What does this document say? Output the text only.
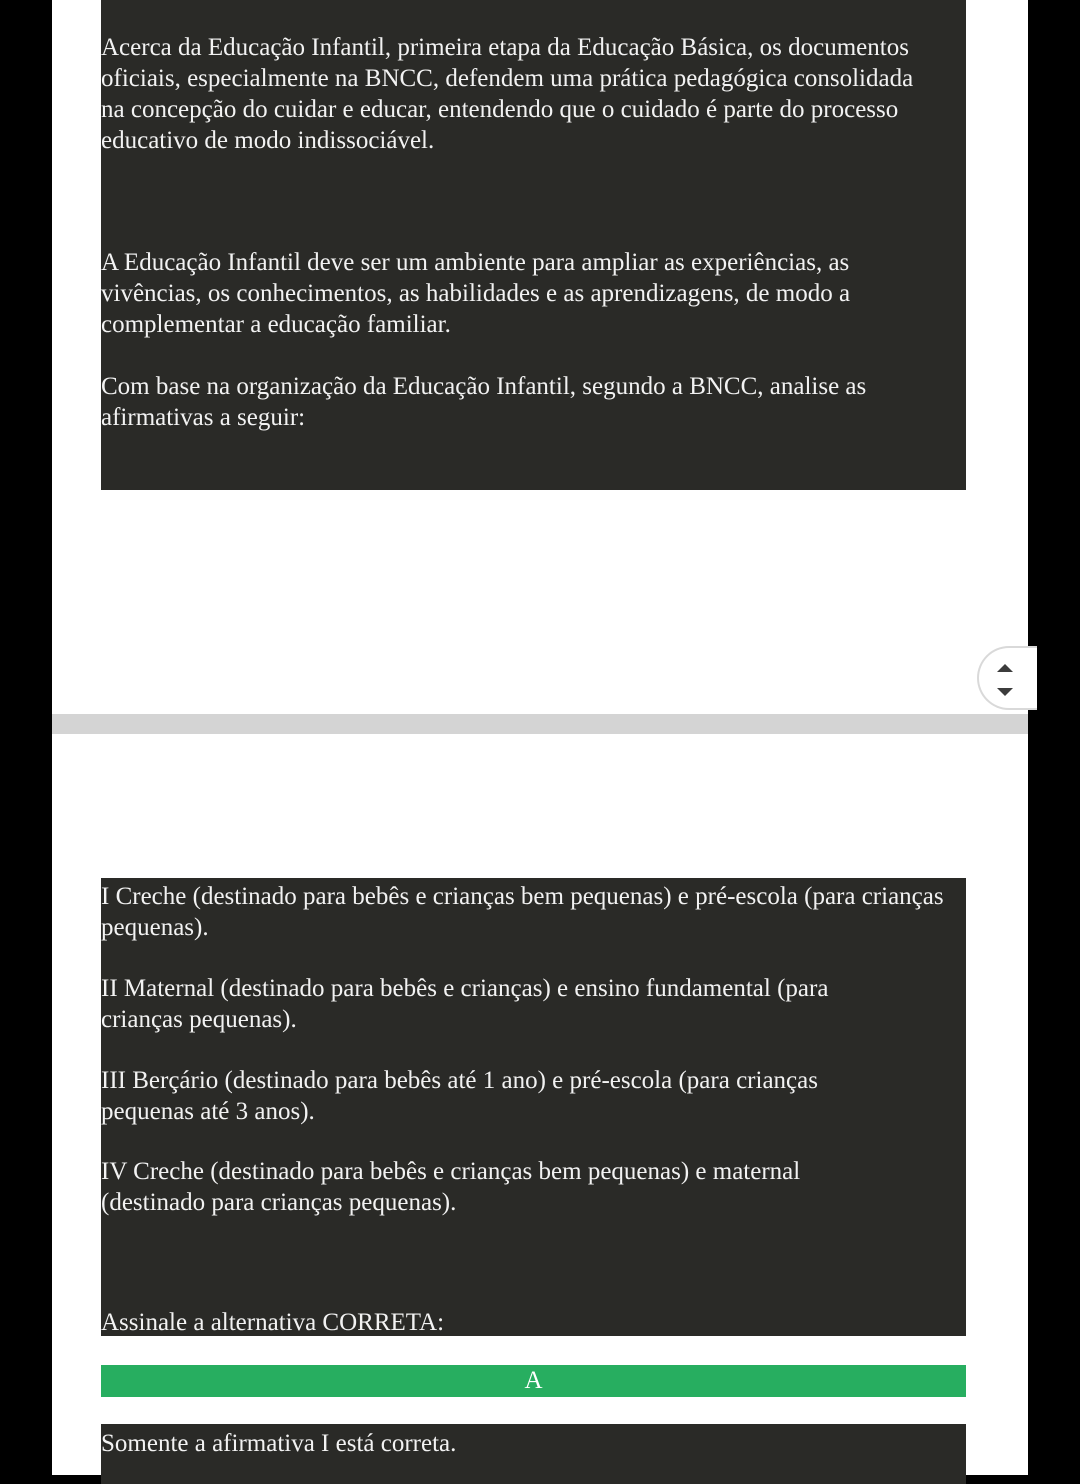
Acerca da Educação Infantil, primeira etapa da Educação Básica, os documentos oficiais, especialmente na BNCC, defendem uma prática pedagógica consolidada na concepção do cuidar e educar, entendendo que o cuidado é parte do processo educativo de modo indissociável.

A Educação Infantil deve ser um ambiente para ampliar as experiências, as vivências, os conhecimentos, as habilidades e as aprendizagens, de modo a complementar a educação familiar.

Com base na organização da Educação Infantil, segundo a BNCC, analise as afirmativas a seguir:

I Creche (destinado para bebês e crianças bem pequenas) e pré-escola (para crianças pequenas).

II Maternal (destinado para bebês e crianças) e ensino fundamental (para crianças pequenas).

III Berçário (destinado para bebês até 1 ano) e pré-escola (para crianças pequenas até 3 anos).

IV Creche (destinado para bebês e crianças bem pequenas) e maternal (destinado para crianças pequenas).

Assinale a alternativa CORRETA:

A

Somente a afirmativa I está correta.
